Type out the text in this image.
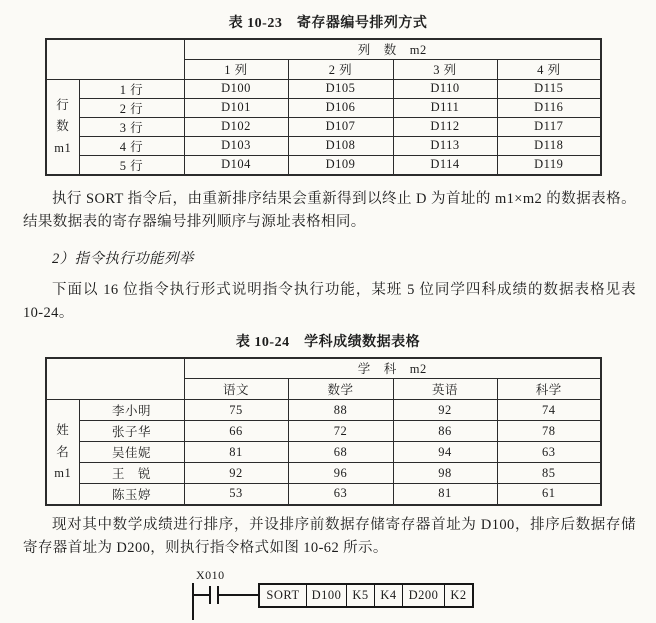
表 10-23　寄存器编号排列方式
		列　数　m2			
		1 列	2 列	3 列	4 列

行
数
m1	1 行	D100	D105	D110	D115
	2 行	D101	D106	D111	D116
	3 行	D102	D107	D112	D117
	4 行	D103	D108	D113	D118
	5 行	D104	D109	D114	D119

执行 SORT 指令后，由重新排序结果会重新得到以终止 D 为首址的 m1×m2 的数据表格。结果数据表的寄存器编号排列顺序与源址表格相同。

2）指令执行功能列举

下面以 16 位指令执行形式说明指令执行功能，某班 5 位同学四科成绩的数据表格见表 10-24。

表 10-24　学科成绩数据表格
		学　科　m2			
		语文	数学	英语	科学

姓
名
m1	李小明	75	88	92	74
	张子华	66	72	86	78
	吴佳妮	81	68	94	63
	王　锐	92	96	98	85
	陈玉婷	53	63	81	61

现对其中数学成绩进行排序，并设排序前数据存储寄存器首址为 D100，排序后数据存储寄存器首址为 D200，则执行指令格式如图 10-62 所示。

X010
SORT D100 K5 K4 D200 K2
